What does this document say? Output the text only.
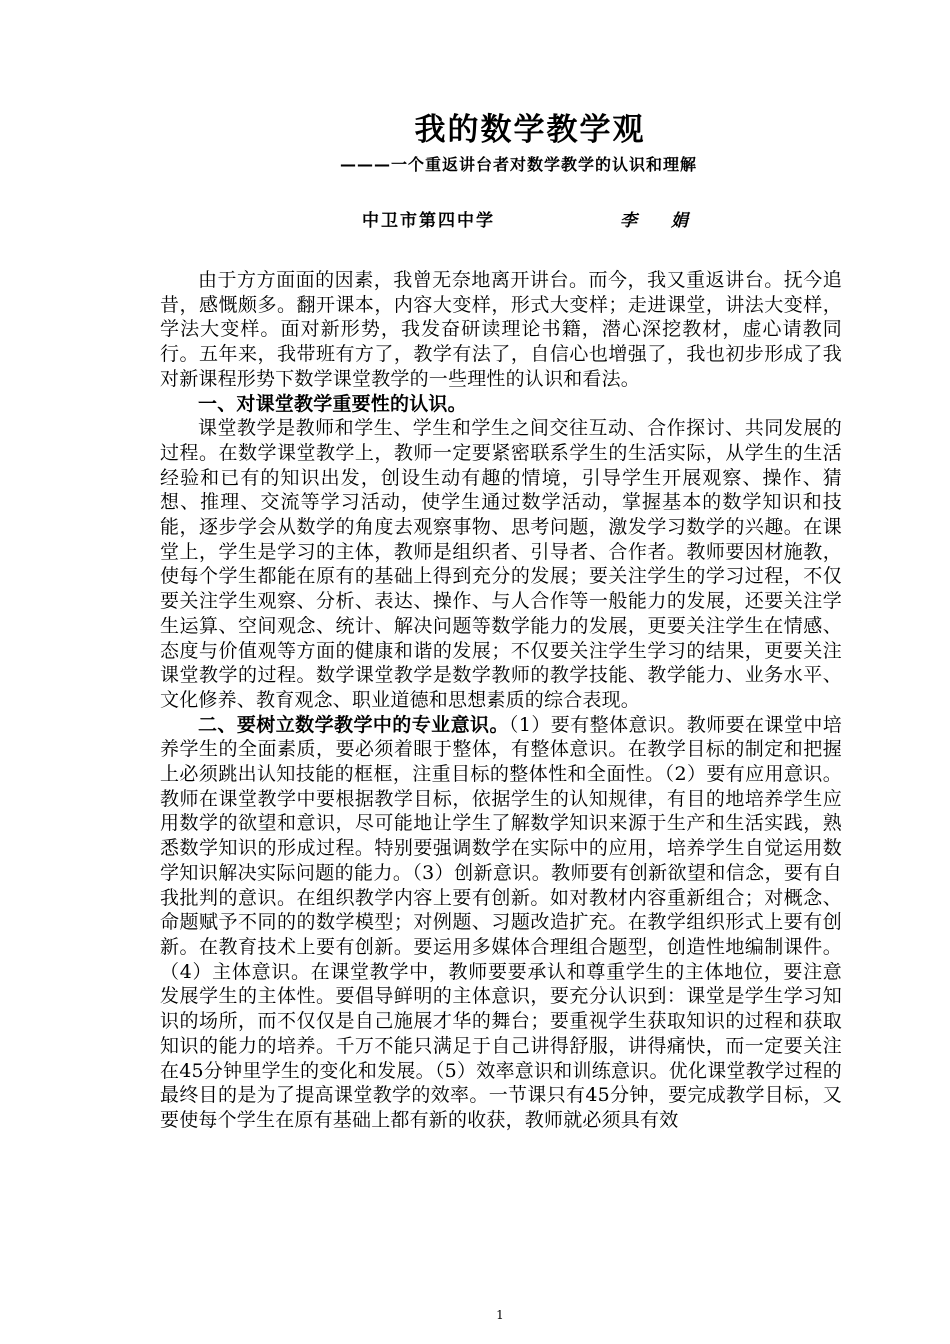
我的数学教学观
———一个重返讲台者对数学教学的认识和理解
中卫市第四中学	李 娟

由于方方面面的因素，我曾无奈地离开讲台。而今，我又重返讲台。抚今追昔，感慨颇多。翻开课本，内容大变样，形式大变样；走进课堂，讲法大变样，学法大变样。面对新形势，我发奋研读理论书籍，潜心深挖教材，虚心请教同行。五年来，我带班有方了，教学有法了，自信心也增强了，我也初步形成了我对新课程形势下数学课堂教学的一些理性的认识和看法。

一、对课堂教学重要性的认识。

课堂教学是教师和学生、学生和学生之间交往互动、合作探讨、共同发展的过程。在数学课堂教学上，教师一定要紧密联系学生的生活实际，从学生的生活经验和已有的知识出发，创设生动有趣的情境，引导学生开展观察、操作、猜想、推理、交流等学习活动，使学生通过数学活动，掌握基本的数学知识和技能，逐步学会从数学的角度去观察事物、思考问题，激发学习数学的兴趣。在课堂上，学生是学习的主体，教师是组织者、引导者、合作者。教师要因材施教，使每个学生都能在原有的基础上得到充分的发展；要关注学生的学习过程，不仅要关注学生观察、分析、表达、操作、与人合作等一般能力的发展，还要关注学生运算、空间观念、统计、解决问题等数学能力的发展，更要关注学生在情感、态度与价值观等方面的健康和谐的发展；不仅要关注学生学习的结果，更要关注课堂教学的过程。数学课堂教学是数学教师的教学技能、教学能力、业务水平、文化修养、教育观念、职业道德和思想素质的综合表现。

二、要树立数学教学中的专业意识。（1）要有整体意识。教师要在课堂中培养学生的全面素质，要必须着眼于整体，有整体意识。在教学目标的制定和把握上必须跳出认知技能的框框，注重目标的整体性和全面性。（2）要有应用意识。教师在课堂教学中要根据教学目标，依据学生的认知规律，有目的地培养学生应用数学的欲望和意识，尽可能地让学生了解数学知识来源于生产和生活实践，熟悉数学知识的形成过程。特别要强调数学在实际中的应用，培养学生自觉运用数学知识解决实际问题的能力。（3）创新意识。教师要有创新欲望和信念，要有自我批判的意识。在组织教学内容上要有创新。如对教材内容重新组合；对概念、命题赋予不同的的数学模型；对例题、习题改造扩充。在教学组织形式上要有创新。在教育技术上要有创新。要运用多媒体合理组合题型，创造性地编制课件。（4）主体意识。在课堂教学中，教师要要承认和尊重学生的主体地位，要注意发展学生的主体性。要倡导鲜明的主体意识，要充分认识到：课堂是学生学习知识的场所，而不仅仅是自己施展才华的舞台；要重视学生获取知识的过程和获取知识的能力的培养。千万不能只满足于自己讲得舒服，讲得痛快，而一定要关注在45分钟里学生的变化和发展。（5）效率意识和训练意识。优化课堂教学过程的最终目的是为了提高课堂教学的效率。一节课只有45分钟，要完成教学目标，又要使每个学生在原有基础上都有新的收获，教师就必须具有效

1
